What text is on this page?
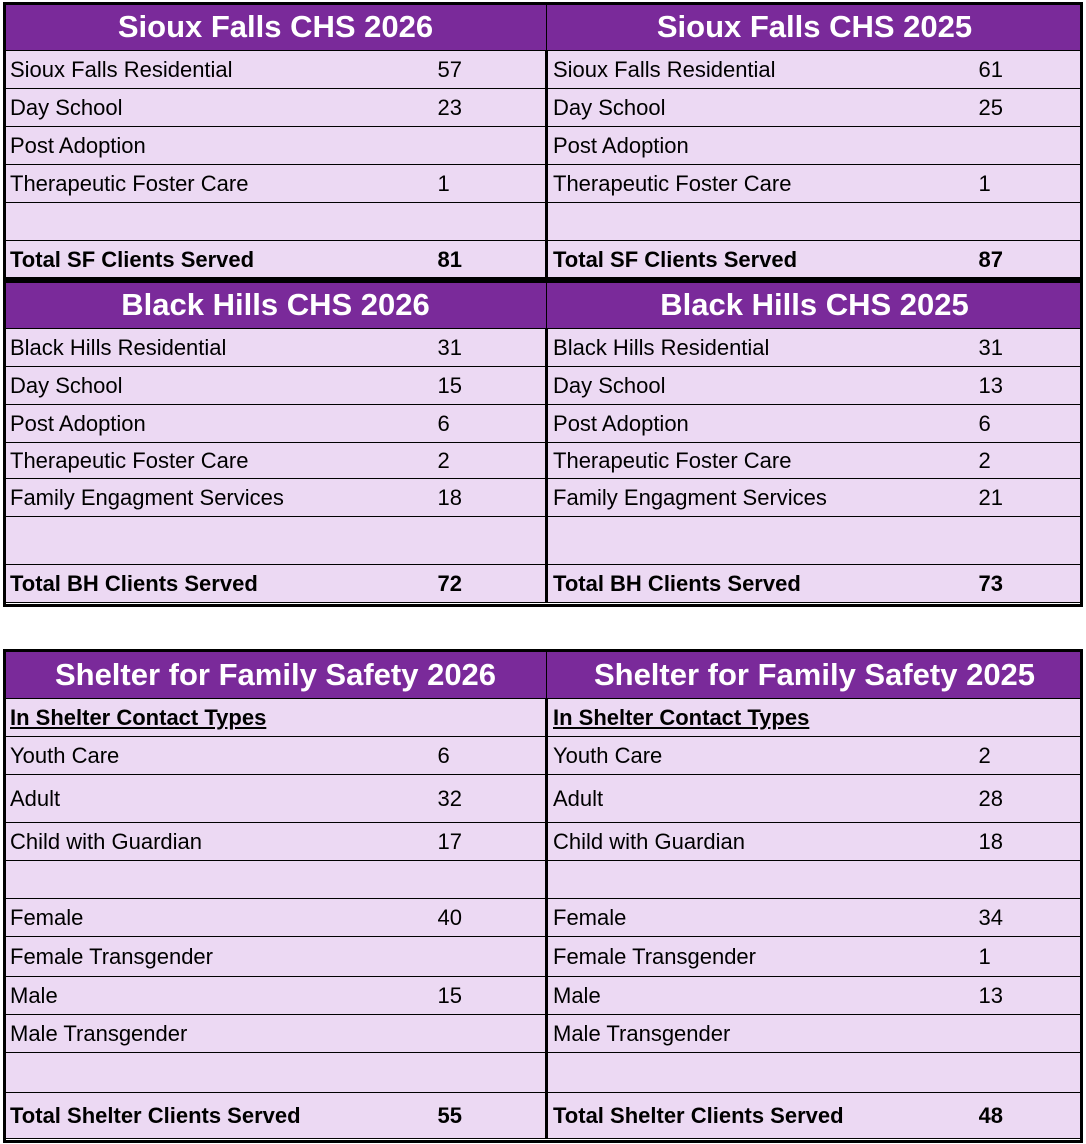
Sioux Falls CHS 2026		Sioux Falls CHS 2025	
Sioux Falls Residential	57	Sioux Falls Residential	61
Day School	23	Day School	25
Post Adoption		Post Adoption	
Therapeutic Foster Care	1	Therapeutic Foster Care	1

Total SF Clients Served	81	Total SF Clients Served	87
Black Hills CHS 2026		Black Hills CHS 2025	
Black Hills Residential	31	Black Hills Residential	31
Day School	15	Day School	13
Post Adoption	6	Post Adoption	6
Therapeutic Foster Care	2	Therapeutic Foster Care	2
Family Engagment Services	18	Family Engagment Services	21

Total BH Clients Served	72	Total BH Clients Served	73
Shelter for Family Safety 2026		Shelter for Family Safety 2025	
In Shelter Contact Types		In Shelter Contact Types	
Youth Care	6	Youth Care	2
Adult	32	Adult	28
Child with Guardian	17	Child with Guardian	18

Female	40	Female	34
Female Transgender		Female Transgender	1
Male	15	Male	13
Male Transgender		Male Transgender	

Total Shelter Clients Served	55	Total Shelter Clients Served	48
